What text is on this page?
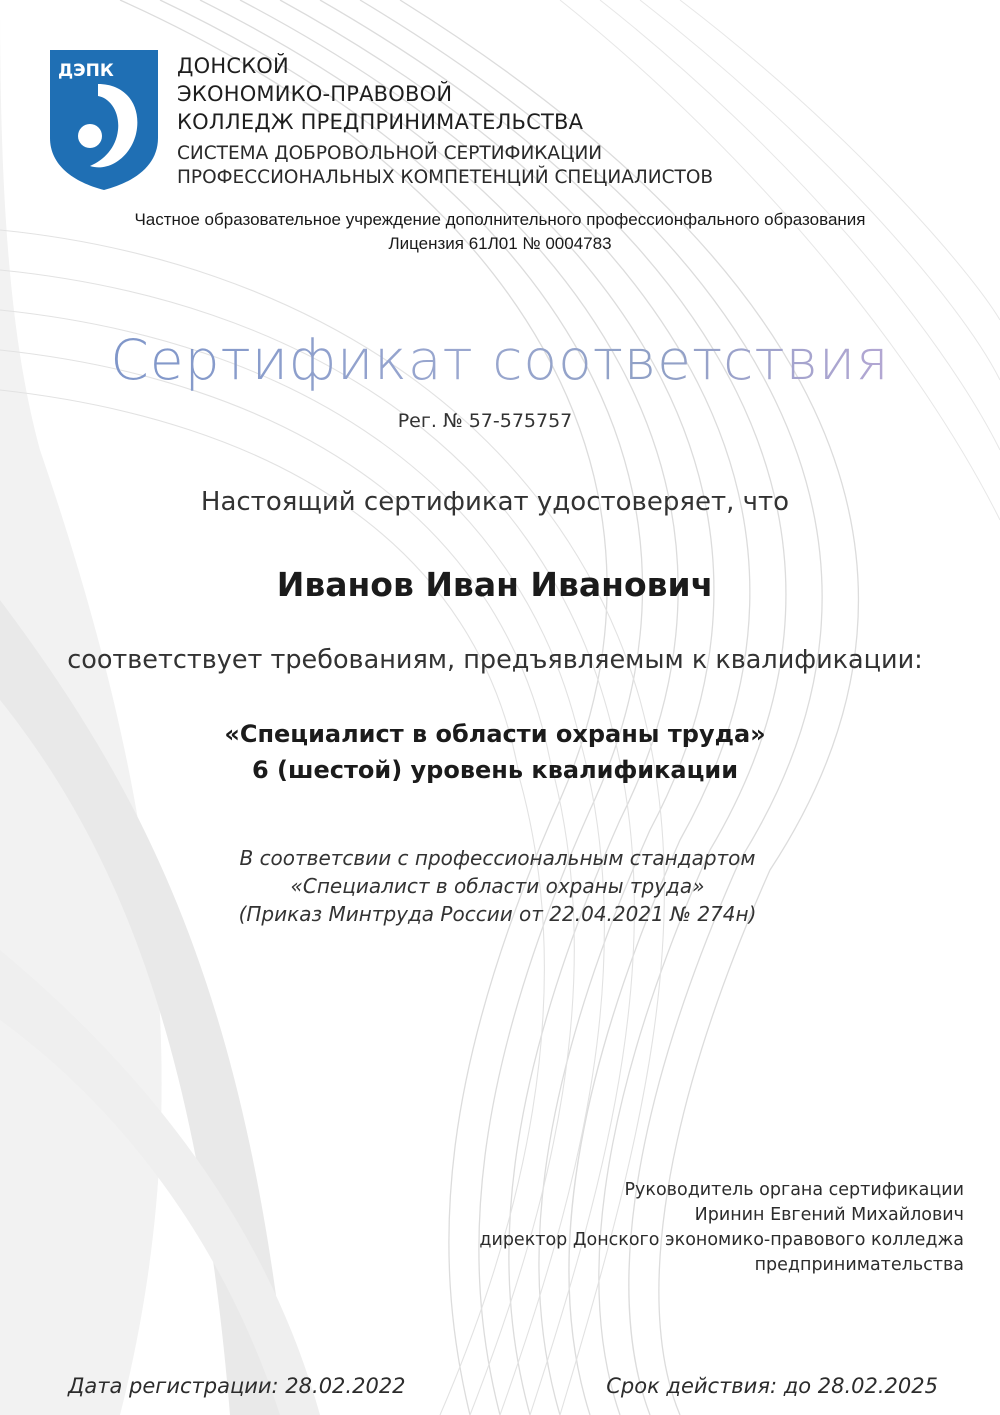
ДЭПК	ДОНСКОЙ
ЭКОНОМИКО-ПРАВОВОЙ
КОЛЛЕДЖ ПРЕДПРИНИМАТЕЛЬСТВА
СИСТЕМА ДОБРОВОЛЬНОЙ СЕРТИФИКАЦИИ
ПРОФЕССИОНАЛЬНЫХ КОМПЕТЕНЦИЙ СПЕЦИАЛИСТОВ
Частное образовательное учреждение дополнительного профессионфального образования
Лицензия 61Л01 № 0004783
Сертификат соответствия
Рег. № 57-575757
Настоящий сертификат удостоверяет, что
Иванов Иван Иванович
соответствует требованиям, предъявляемым к квалификации:
«Специалист в области охраны труда»
6 (шестой) уровень квалификации
В соответсвии с профессиональным стандартом
«Специалист в области охраны труда»
(Приказ Минтруда России от 22.04.2021 № 274н)
Руководитель органа сертификации
Иринин Евгений Михайлович
директор Донского экономико-правового колледжа
предпринимательства
Дата регистрации: 28.02.2022	Срок действия: до 28.02.2025
